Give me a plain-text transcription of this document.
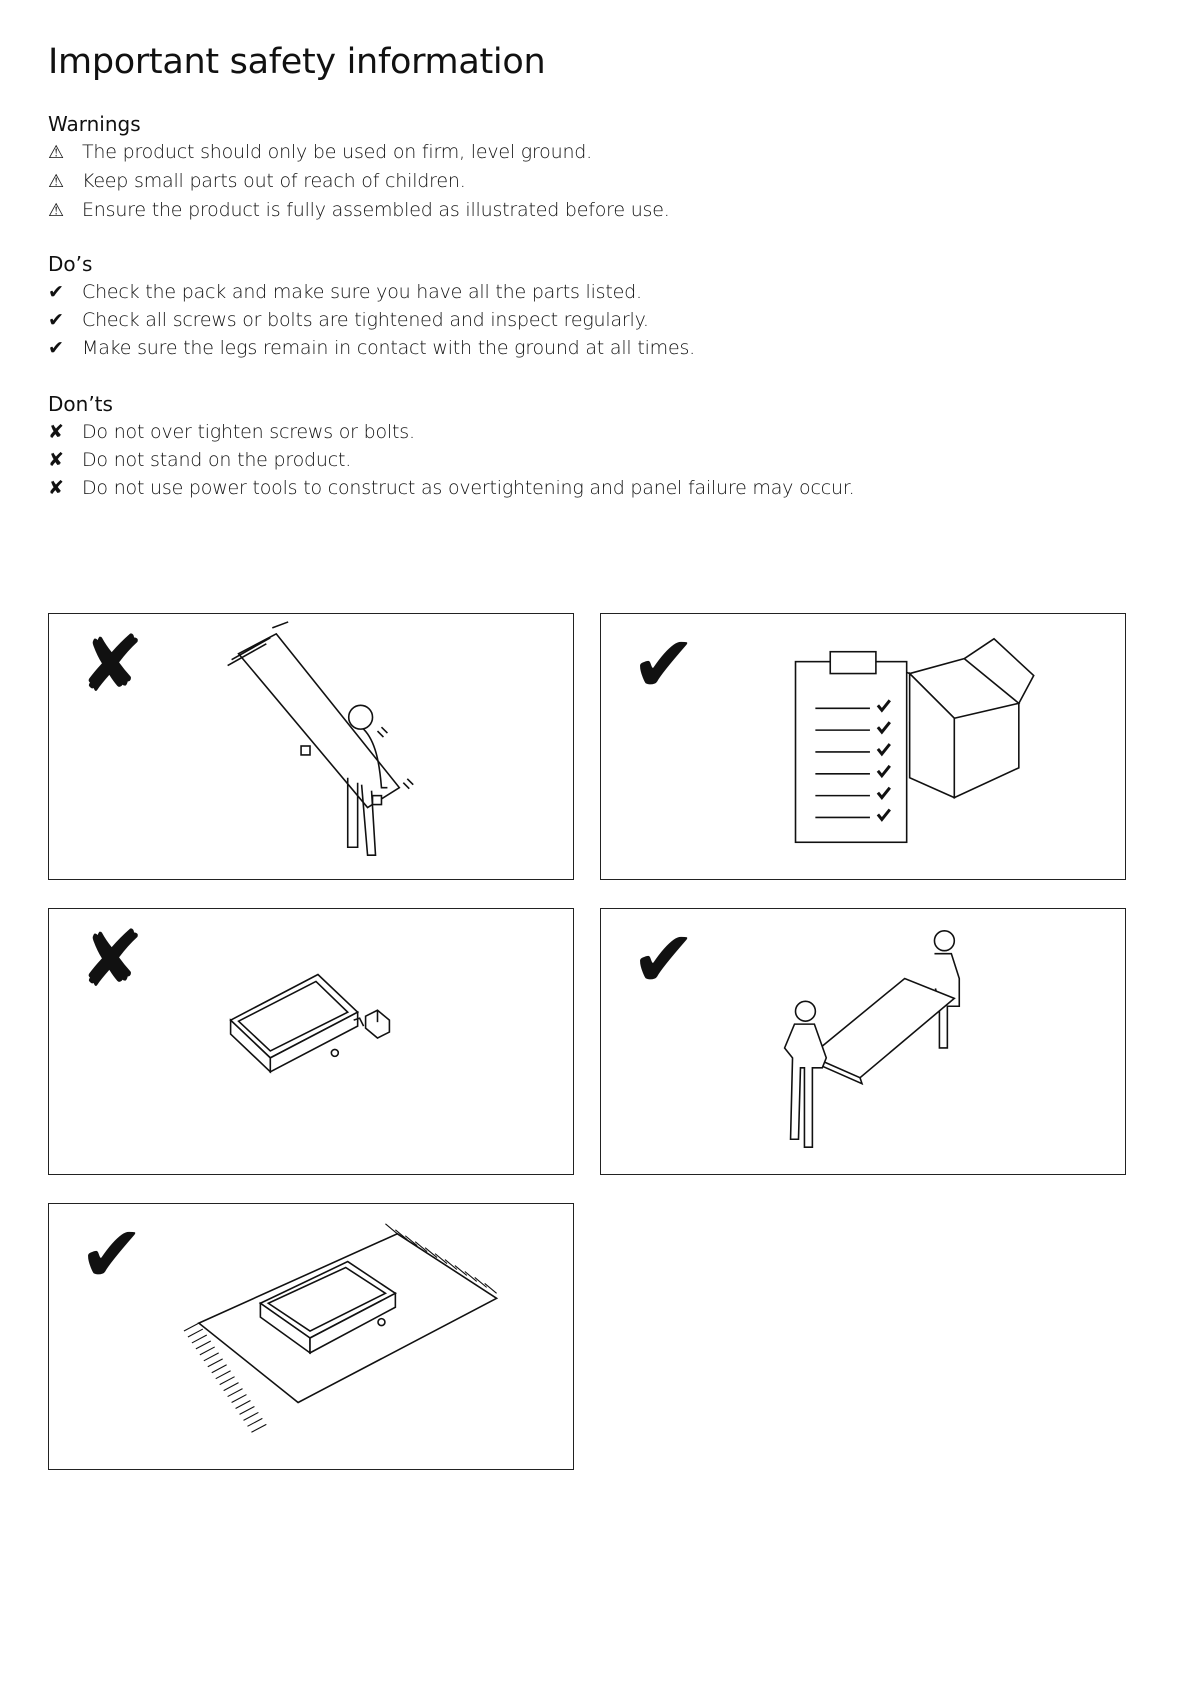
Important safety information
Warnings
⚠ The product should only be used on firm, level ground.
⚠ Keep small parts out of reach of children.
⚠ Ensure the product is fully assembled as illustrated before use.
Do’s
✔ Check the pack and make sure you have all the parts listed.
✔ Check all screws or bolts are tightened and inspect regularly.
✔ Make sure the legs remain in contact with the ground at all times.
Don’ts
✘ Do not over tighten screws or bolts.
✘ Do not stand on the product.
✘ Do not use power tools to construct as overtightening and panel failure may occur.
✘	✔
✘	✔
✔
